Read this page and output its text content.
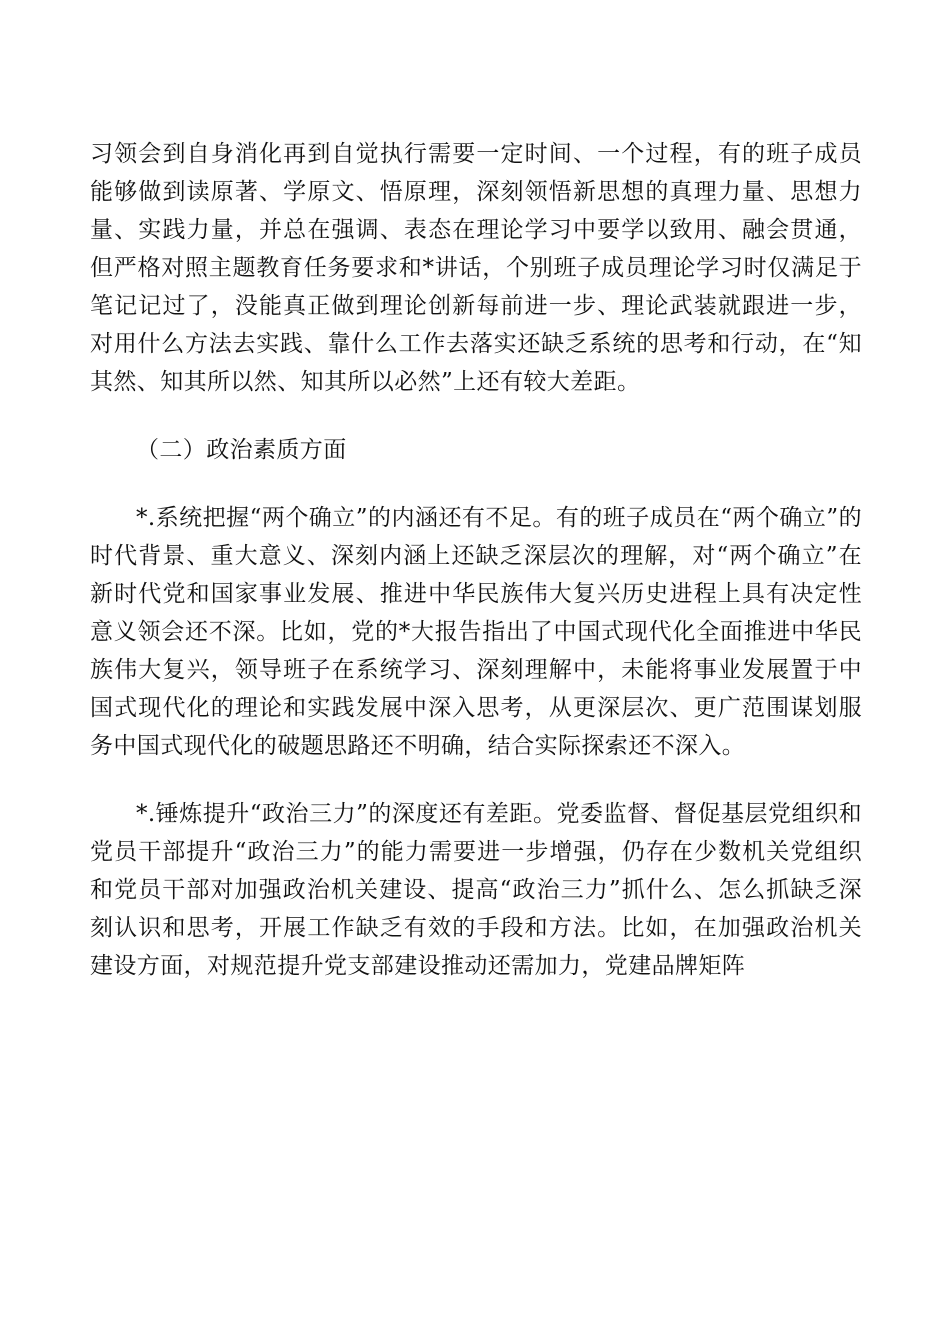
习领会到自身消化再到自觉执行需要一定时间、一个过程，有的班子成员能够做到读原著、学原文、悟原理，深刻领悟新思想的真理力量、思想力量、实践力量，并总在强调、表态在理论学习中要学以致用、融会贯通，但严格对照主题教育任务要求和*讲话，个别班子成员理论学习时仅满足于笔记记过了，没能真正做到理论创新每前进一步、理论武装就跟进一步，对用什么方法去实践、靠什么工作去落实还缺乏系统的思考和行动，在“知其然、知其所以然、知其所以必然”上还有较大差距。

（二）政治素质方面

*.系统把握“两个确立”的内涵还有不足。有的班子成员在“两个确立”的时代背景、重大意义、深刻内涵上还缺乏深层次的理解，对“两个确立”在新时代党和国家事业发展、推进中华民族伟大复兴历史进程上具有决定性意义领会还不深。比如，党的*大报告指出了中国式现代化全面推进中华民族伟大复兴，领导班子在系统学习、深刻理解中，未能将事业发展置于中国式现代化的理论和实践发展中深入思考，从更深层次、更广范围谋划服务中国式现代化的破题思路还不明确，结合实际探索还不深入。

*.锤炼提升“政治三力”的深度还有差距。党委监督、督促基层党组织和党员干部提升“政治三力”的能力需要进一步增强，仍存在少数机关党组织和党员干部对加强政治机关建设、提高“政治三力”抓什么、怎么抓缺乏深刻认识和思考，开展工作缺乏有效的手段和方法。比如，在加强政治机关建设方面，对规范提升党支部建设推动还需加力，党建品牌矩阵
